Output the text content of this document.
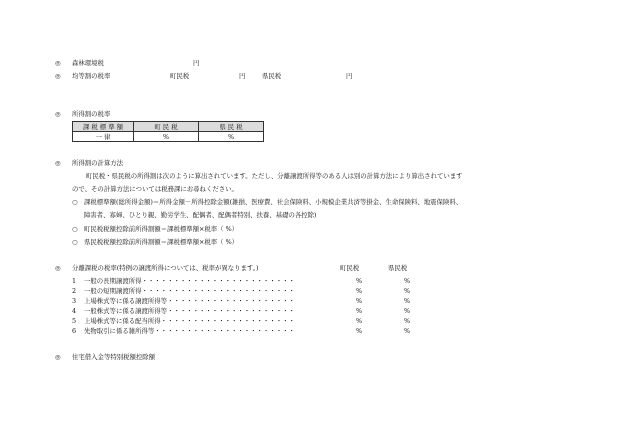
◎ 森林環境税	円
◎ 均等割の税率	町民税	円	県民税	円
◎ 所得割の税率
課 税 標 準 額	町 民 税	県 民 税
一 律	%	%
◎ 所得割の計算方法
町民税・県民税の所得割は次のように算出されています。ただし、分離譲渡所得等のある人は別の計算方法により算出されています
ので、その計算方法については税務課にお尋ねください。
○ 課税標準額(総所得金額)＝所得金額－所得控除金額(雑損、医療費、社会保険料、小規模企業共済等掛金、生命保険料、地震保険料、
障害者、寡婦、ひとり親、勤労学生、配偶者、配偶者特別、扶養、基礎の各控除)
○ 町民税税額控除前所得割額＝課税標準額×税率（ %）
○ 県民税税額控除前所得割額＝課税標準額×税率（ %）
◎ 分離課税の税率(特例の譲渡所得については、税率が異なります。)	町民税	県民税
1 一般の長期譲渡所得・・・・・・・・・・・・・・・・・・・・・・・・	%	%
2 一般の短期譲渡所得・・・・・・・・・・・・・・・・・・・・・・・・	%	%
3 上場株式等に係る譲渡所得等・・・・・・・・・・・・・・・・・・・・	%	%
4 一般株式等に係る譲渡所得等・・・・・・・・・・・・・・・・・・・・	%	%
5 上場株式等に係る配当所得・・・・・・・・・・・・・・・・・・・・・	%	%
6 先物取引に係る雑所得等・・・・・・・・・・・・・・・・・・・・・・	%	%
◎ 住宅借入金等特別税額控除額
